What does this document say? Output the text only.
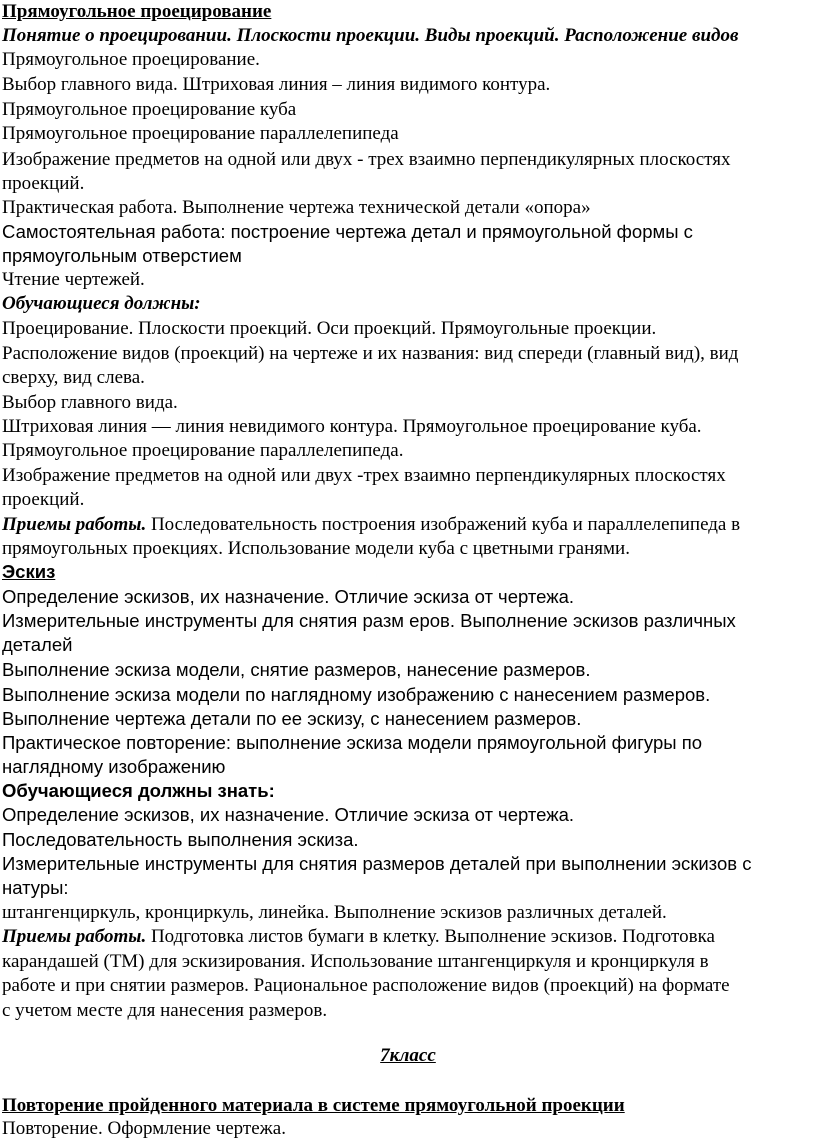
Прямоугольное проецирование
Понятие о проецировании. Плоскости проекции. Виды проекций. Расположение видов
Прямоугольное проецирование.
Выбор главного вида. Штриховая линия – линия видимого контура.
Прямоугольное проецирование куба
Прямоугольное проецирование параллелепипеда
Изображение предметов на одной или двух - трех взаимно перпендикулярных плоскостях
проекций.
Практическая работа. Выполнение чертежа технической детали «опора»
Самостоятельная работа: построение чертежа детал и прямоугольной формы с
прямоугольным отверстием
Чтение чертежей.
Обучающиеся должны:
Проецирование. Плоскости проекций. Оси проекций. Прямоугольные проекции.
Расположение видов (проекций) на чертеже и их названия: вид спереди (главный вид), вид
сверху, вид слева.
Выбор главного вида.
Штриховая линия — линия невидимого контура. Прямоугольное проецирование куба.
Прямоугольное проецирование параллелепипеда.
Изображение предметов на одной или двух -трех взаимно перпендикулярных плоскостях
проекций.
Приемы работы. Последовательность построения изображений куба и параллелепипеда в
прямоугольных проекциях. Использование модели куба с цветными гранями.
Эскиз
Определение эскизов, их назначение. Отличие эскиза от чертежа.
Измерительные инструменты для снятия разм еров. Выполнение эскизов различных
деталей
Выполнение эскиза модели, снятие размеров, нанесение размеров.
Выполнение эскиза модели по наглядному изображению с нанесением размеров.
Выполнение чертежа детали по ее эскизу, с нанесением размеров.
Практическое повторение: выполнение эскиза модели прямоугольной фигуры по
наглядному изображению
Обучающиеся должны знать:
Определение эскизов, их назначение. Отличие эскиза от чертежа.
Последовательность выполнения эскиза.
Измерительные инструменты для снятия размеров деталей при выполнении эскизов с
натуры:
штангенциркуль, кронциркуль, линейка. Выполнение эскизов различных деталей.
Приемы работы. Подготовка листов бумаги в клетку. Выполнение эскизов. Подготовка
карандашей (ТМ) для эскизирования. Использование штангенциркуля и кронциркуля в
работе и при снятии размеров. Рациональное расположение видов (проекций) на формате
с учетом месте для нанесения размеров.
7класс
Повторение пройденного материала в системе прямоугольной проекции
Повторение. Оформление чертежа.
